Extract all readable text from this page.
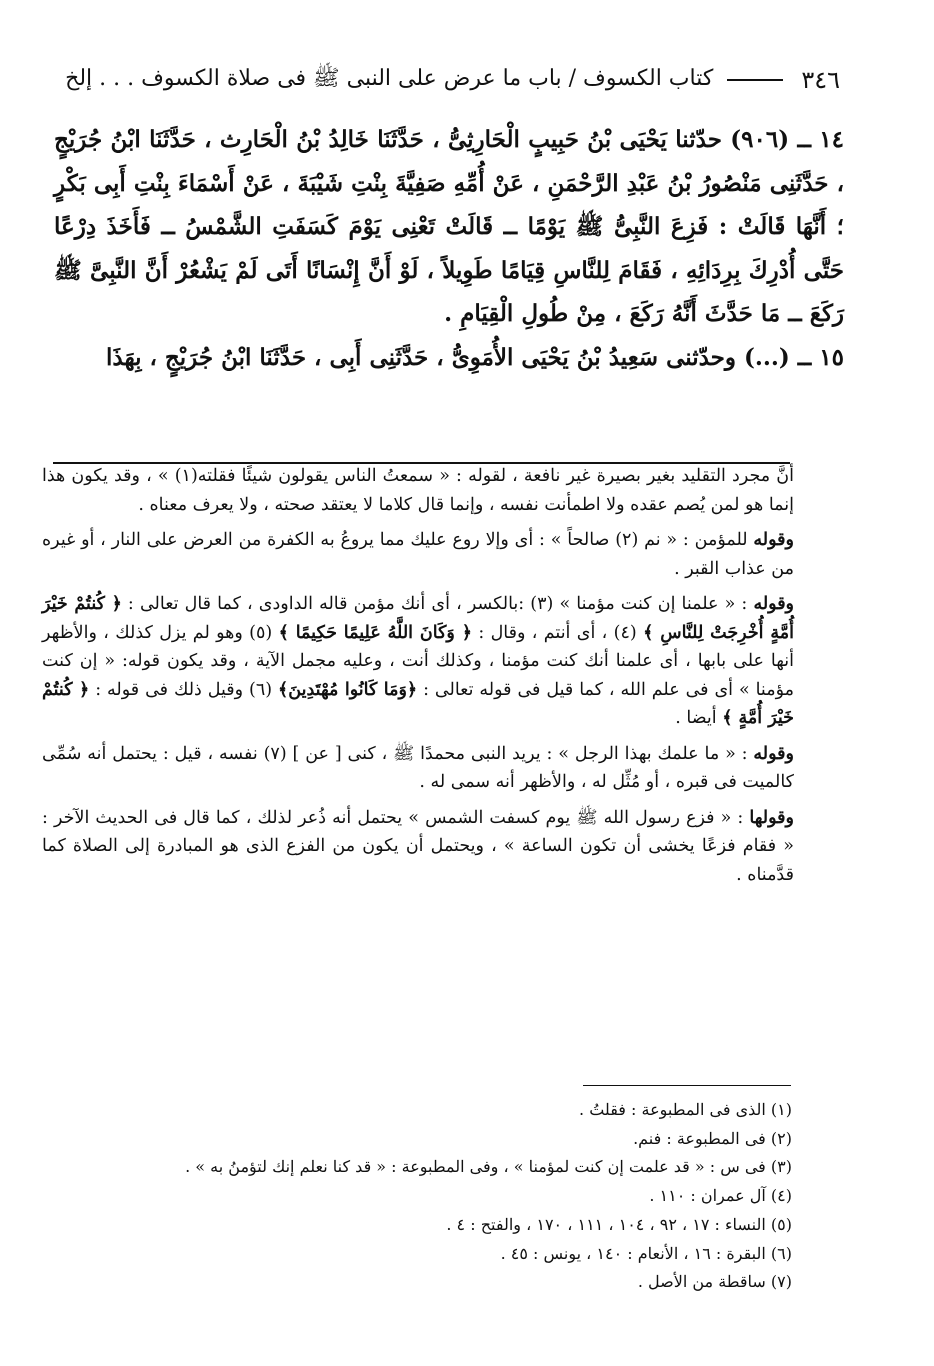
٣٤٦
كتاب الكسوف / باب ما عرض على النبى ﷺ فى صلاة الكسوف . . . إلخ

١٤ ــ (٩٠٦) حدّثنا يَحْيَى بْنُ حَبِيبٍ الْحَارِثِىُّ ، حَدَّثَنَا خَالِدُ بْنُ الْحَارِث ، حَدَّثَنَا ابْنُ جُرَيْجٍ ، حَدَّثَنِى مَنْصُورُ بْنُ عَبْدِ الرَّحْمَنِ ، عَنْ أُمِّهِ صَفِيَّةَ بِنْتِ شَيْبَةَ ، عَنْ أَسْمَاءَ بِنْتِ أَبِى بَكْرٍ ؛ أَنَّهَا قَالَتْ : فَزِعَ النَّبِىُّ ﷺ يَوْمًا ــ قَالَتْ تَعْنِى يَوْمَ كَسَفَتِ الشَّمْسُ ــ فَأَخَذَ دِرْعًا حَتَّى أُدْرِكَ بِرِدَائِهِ ، فَقَامَ لِلنَّاسِ قِيَامًا طَوِيلاً ، لَوْ أَنَّ إِنْسَانًا أَتَى لَمْ يَشْعُرْ أَنَّ النَّبِىَّ ﷺ رَكَعَ ــ مَا حَدَّثَ أَنَّهُ رَكَعَ ، مِنْ طُولِ الْقِيَامِ .

١٥ ــ (...) وحدّثنى سَعِيدُ بْنُ يَحْيَى الأُمَوِىُّ ، حَدَّثَنِى أَبِى ، حَدَّثَنَا ابْنُ جُرَيْجٍ ، بِهَذَا

أنَّ مجرد التقليد بغير بصيرة غير نافعة ، لقوله : « سمعتُ الناس يقولون شيئًا فقلته(١) » ، وقد يكون هذا إنما هو لمن يُصم عقده ولا اطمأنت نفسه ، وإنما قال كلاما لا يعتقد صحته ، ولا يعرف معناه .

وقوله للمؤمن : « نم (٢) صالحاً » : أى وإلا روع عليك مما يروعُ به الكفرة من العرض على النار ، أو غيره من عذاب القبر .

وقوله : « علمنا إن كنت مؤمنا » (٣) :بالكسر ، أى أنك مؤمن قاله الداودى ، كما قال تعالى : ﴿ كُنتُمْ خَيْرَ أُمَّةٍ أُخْرِجَتْ لِلنَّاسِ ﴾ (٤) ، أى أنتم ، وقال : ﴿ وَكَانَ اللَّهُ عَلِيمًا حَكِيمًا ﴾ (٥) وهو لم يزل كذلك ، والأظهر أنها على بابها ، أى علمنا أنك كنت مؤمنا ، وكذلك أنت ، وعليه مجمل الآية ، وقد يكون قوله: « إن كنت مؤمنا » أى فى علم الله ، كما قيل فى قوله تعالى : ﴿وَمَا كَانُوا مُهْتَدِينَ﴾ (٦) وقيل ذلك فى قوله : ﴿ كُنتُمْ خَيْرَ أُمَّةٍ ﴾ أيضا .

وقوله : « ما علمك بهذا الرجل » : يريد النبى محمدًا ﷺ ، كنى [ عن ] (٧) نفسه ، قيل : يحتمل أنه سُمِّى كالميت فى قبره ، أو مُثِّل له ، والأظهر أنه سمى له .

وقولها : « فزع رسول الله ﷺ يوم كسفت الشمس » يحتمل أنه ذُعر لذلك ، كما قال فى الحديث الآخر : « فقام فزعًا يخشى أن تكون الساعة » ، ويحتمل أن يكون من الفزع الذى هو المبادرة إلى الصلاة كما قدَّمناه .

(١) الذى فى المطبوعة : فقلتُ .
(٢) فى المطبوعة : فنم.
(٣) فى س : « قد علمت إن كنت لمؤمنا » ، وفى المطبوعة : « قد كنا نعلم إنك لتؤمنُ به » .
(٤) آل عمران : ١١٠ .
(٥) النساء : ١٧ ، ٩٢ ، ١٠٤ ، ١١١ ، ١٧٠ ، والفتح : ٤ .
(٦) البقرة : ١٦ ، الأنعام : ١٤٠ ، يونس : ٤٥ .
(٧) ساقطة من الأصل .
